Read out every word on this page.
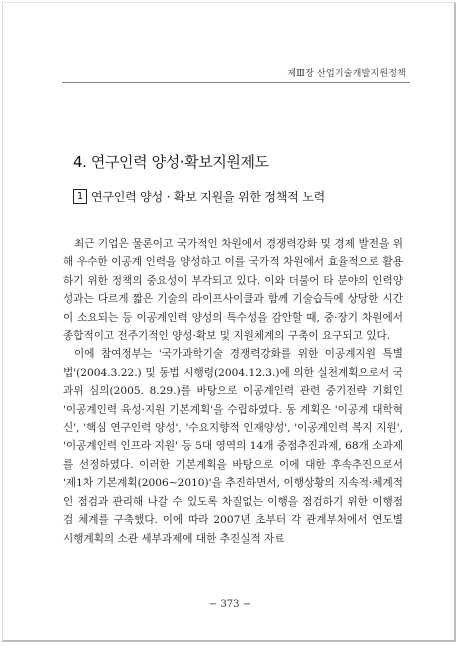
제Ⅲ장 산업기술개발지원정책
4. 연구인력 양성·확보지원제도
1 연구인력 양성 · 확보 지원을 위한 정책적 노력

최근 기업은 물론이고 국가적인 차원에서 경쟁력강화 및 경제 발전을 위해 우수한 이공계 인력을 양성하고 이를 국가적 차원에서 효율적으로 활용하기 위한 정책의 중요성이 부각되고 있다. 이와 더불어 타 분야의 인력양성과는 다르게 짧은 기술의 라이프사이클과 함께 기술습득에 상당한 시간이 소요되는 등 이공계인력 양성의 특수성을 감안할 때, 중·장기 차원에서 종합적이고 전주기적인 양성·확보 및 지원체계의 구축이 요구되고 있다.

이에 참여정부는 '국가과학기술 경쟁력강화를 위한 이공계지원 특별법'(2004.3.22.) 및 동법 시행령(2004.12.3.)에 의한 실천계획으로서 국과위 심의(2005. 8.29.)를 바탕으로 이공계인력 관련 중기전략 기회인 '이공계인력 육성·지원 기본계획'을 수립하였다. 동 계획은 '이공계 대학혁신', '핵심 연구인력 양성', '수요지향적 인재양성', '이공계인력 복지 지원', '이공계인력 인프라 지원' 등 5대 영역의 14개 중점추진과제, 68개 소과제를 선정하였다. 이러한 기본계획을 바탕으로 이에 대한 후속추진으로서 '제1차 기본계획(2006∼2010)'을 추진하면서, 이행상황의 지속적·체계적인 점검과 관리해 나갈 수 있도록 차질없는 이행을 점검하기 위한 이행점검 체계를 구축했다. 이에 따라 2007년 초부터 각 관계부처에서 연도별 시행계획의 소관 세부과제에 대한 추진실적 자료

− 373 −
